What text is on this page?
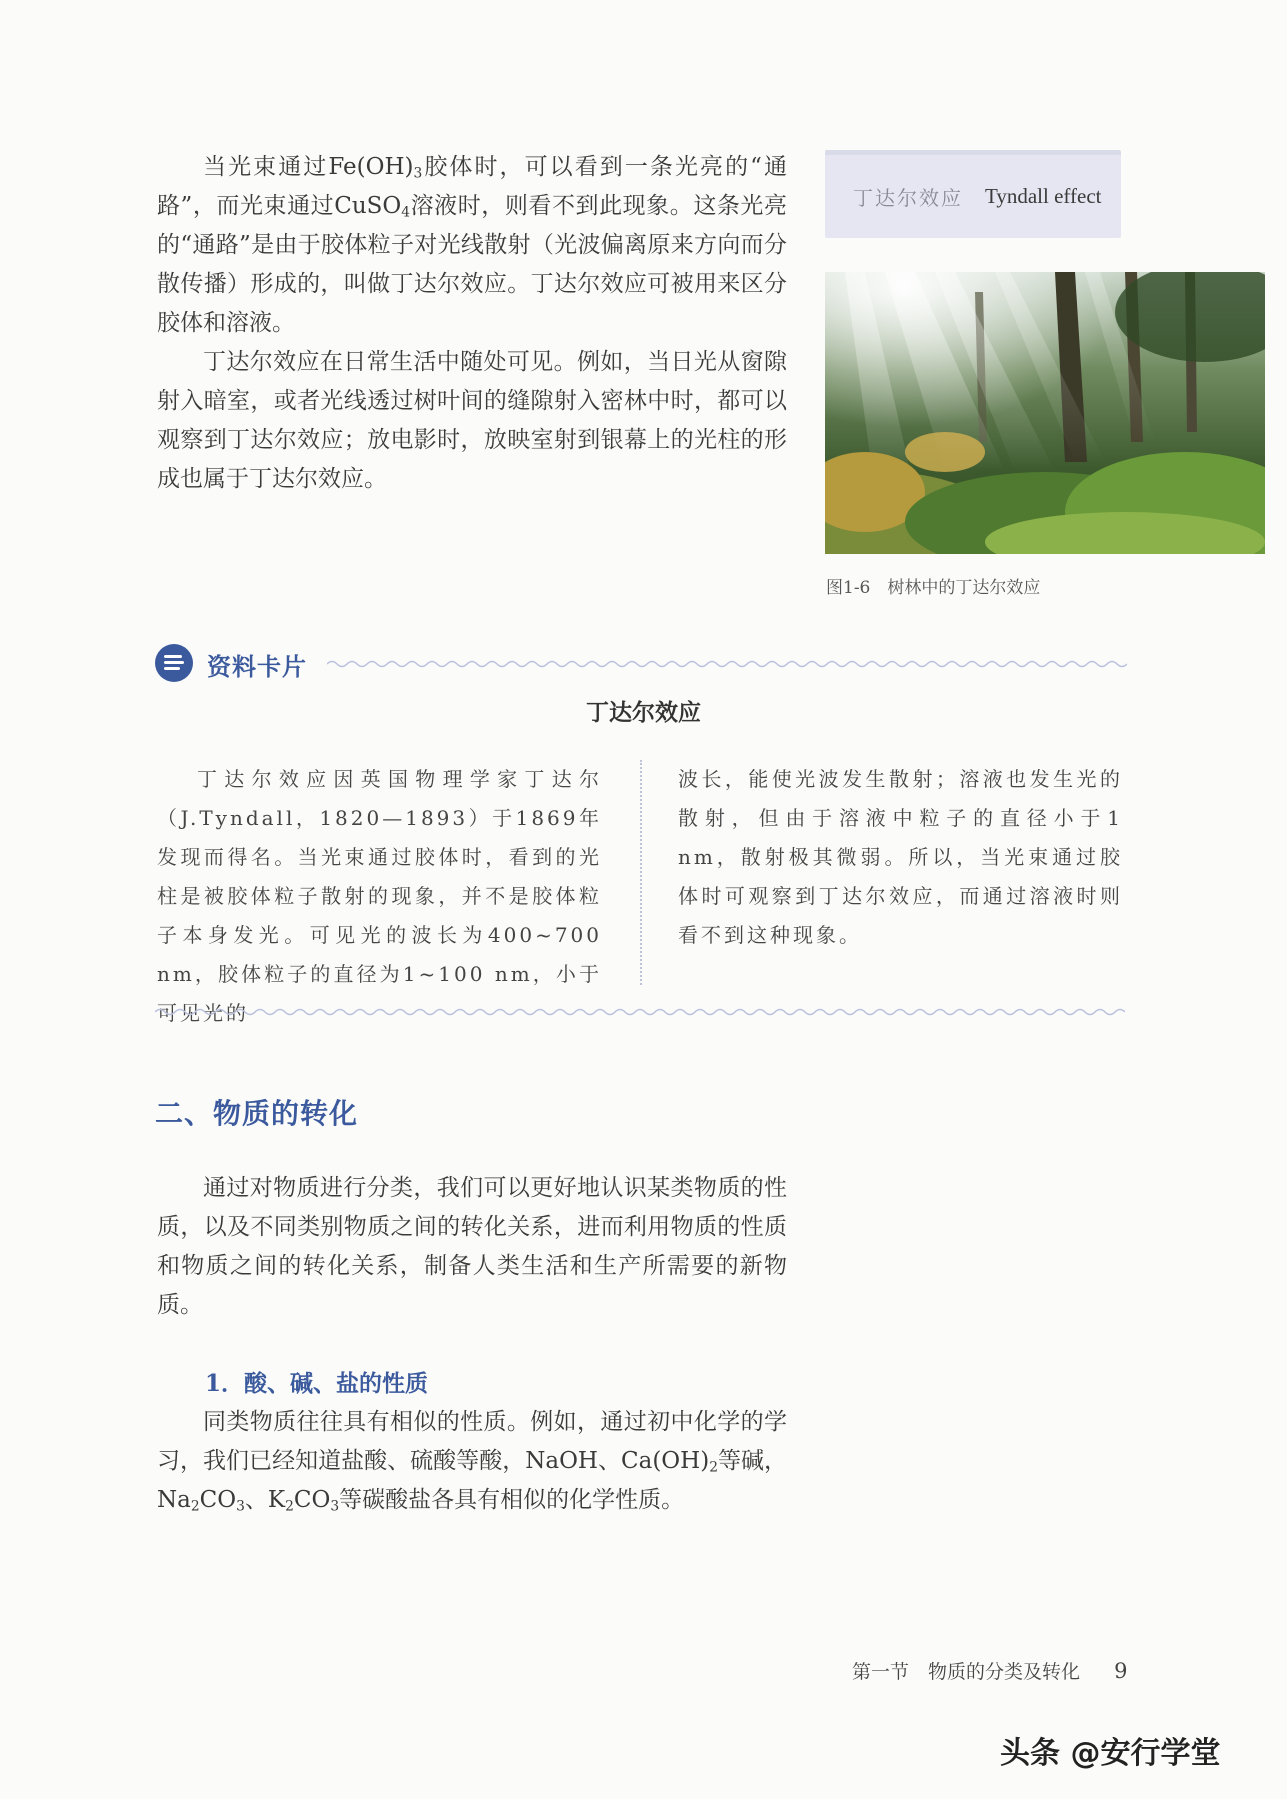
当光束通过$Fe(OH)_3$胶体时，可以看到一条光亮的“通路”，而光束通过CuSO$_4$溶液时，则看不到此现象。这条光亮的“通路”是由于胶体粒子对光线散射（光波偏离原来方向而分散传播）形成的，叫做丁达尔效应。丁达尔效应可被用来区分胶体和溶液。

丁达尔效应在日常生活中随处可见。例如，当日光从窗隙射入暗室，或者光线透过树叶间的缝隙射入密林中时，都可以观察到丁达尔效应；放电影时，放映室射到银幕上的光柱的形成也属于丁达尔效应。

丁达尔效应 Tyndall effect
图1-6　树林中的丁达尔效应
资料卡片
丁达尔效应

丁达尔效应因英国物理学家丁达尔（J.Tyndall，1820—1893）于1869年发现而得名。当光束通过胶体时，看到的光柱是被胶体粒子散射的现象，并不是胶体粒子本身发光。可见光的波长为400~700 nm，胶体粒子的直径为1~100 nm，小于可见光的

波长，能使光波发生散射；溶液也发生光的散射，但由于溶液中粒子的直径小于1 nm，散射极其微弱。所以，当光束通过胶体时可观察到丁达尔效应，而通过溶液时则看不到这种现象。

二、物质的转化

通过对物质进行分类，我们可以更好地认识某类物质的性质，以及不同类别物质之间的转化关系，进而利用物质的性质和物质之间的转化关系，制备人类生活和生产所需要的新物质。

1．酸、碱、盐的性质

同类物质往往具有相似的性质。例如，通过初中化学的学习，我们已经知道盐酸、硫酸等酸，NaOH、$Ca(OH)_2$等碱，$Na_2CO_3$、$K_2CO_3$等碳酸盐各具有相似的化学性质。

第一节　物质的分类及转化 9
头条 @安行学堂
